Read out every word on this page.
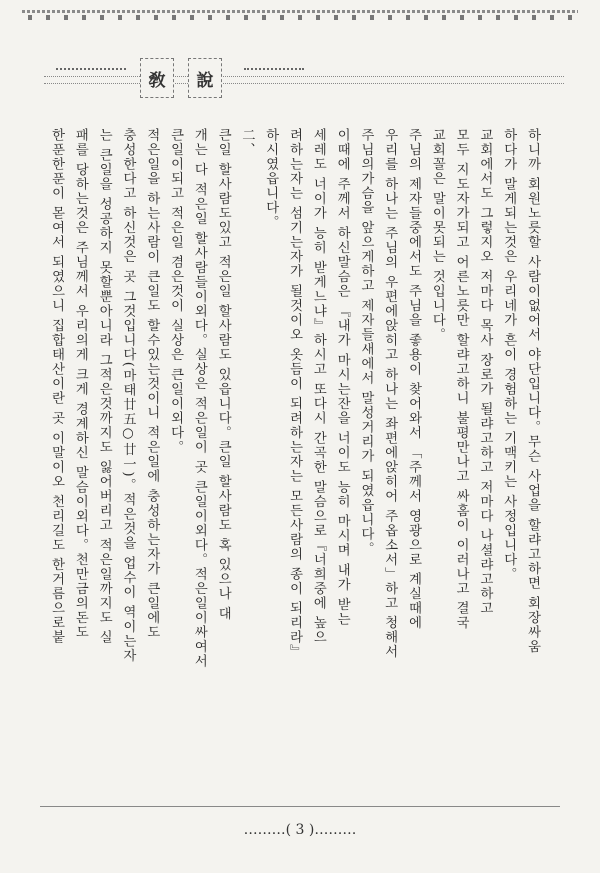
敎	說

하니까 회원노릇할 사람이없어서 야단입니다。무슨 사업을 할랴고하면 회장싸움

하다가 말게되는것은 우리네가 흔이 경험하는 기맥키는 사정입니다。

교회에서도 그렇지오 저마다 목사 장로가 될랴고하고 저마다 나셜랴고하고

모두 지도자가되고 어른노릇만 할랴고하니 불평만나고 싸홈이 이러나고 결국

교회꼴은 말이못되는 것입니다。

주님의 제자들중에서도 주님을 좋용이 찾어와서 「주께서 영광으로 계실때에

우리를 하나는 주님의 우편에앉히고 하나는 좌편에앉히어 주옵소서」하고 청해서

주님의가슴을 앞으게하고 제자들새에서 말성거리가 되였읍니다。

이때에 주께서 하신말슴은 『내가 마시는잔을 너이도 능히 마시며 내가 받는

세레도 너이가 능히 받게느냐』하시고 또다시 간곡한 말슴으로『너희중에 높으

려하는자는 섬기는자가 될것이오 옷듬이 되려하는자는 모든사람의 종이 되리라』

하시였읍니다。

二、

큰일 할사람도있고 적은일 할사람도 있읍니다。큰일 할사람도 혹 있으나 대

개는 다 적은일 할사람들이외다。실상은 적은일이 곳 큰일이외다。적은일이싸여서

큰일이되고 적은일 겸은것이 실상은 큰일이외다。

적은일을 하는사람이 큰일도 할수있는것이니 적은일에 충성하는자가 큰일에도

충성한다고 하신것은 곳 그것입니다(마태廿五○廿一)。적은것을 업수이 역이는자

는 큰일을 성공하지 못할뿐아니라 그적은것까지도 잃어버리고 적은일까지도 실

패를 당하는것은 주님께서 우리의게 크게 경계하신 말슴이외다。천만금의돈도

한푼한푼이 몯여서 되였으니 집합태산이란 곳 이말이오 천리길도 한거름으로붙

………( 3 )………
